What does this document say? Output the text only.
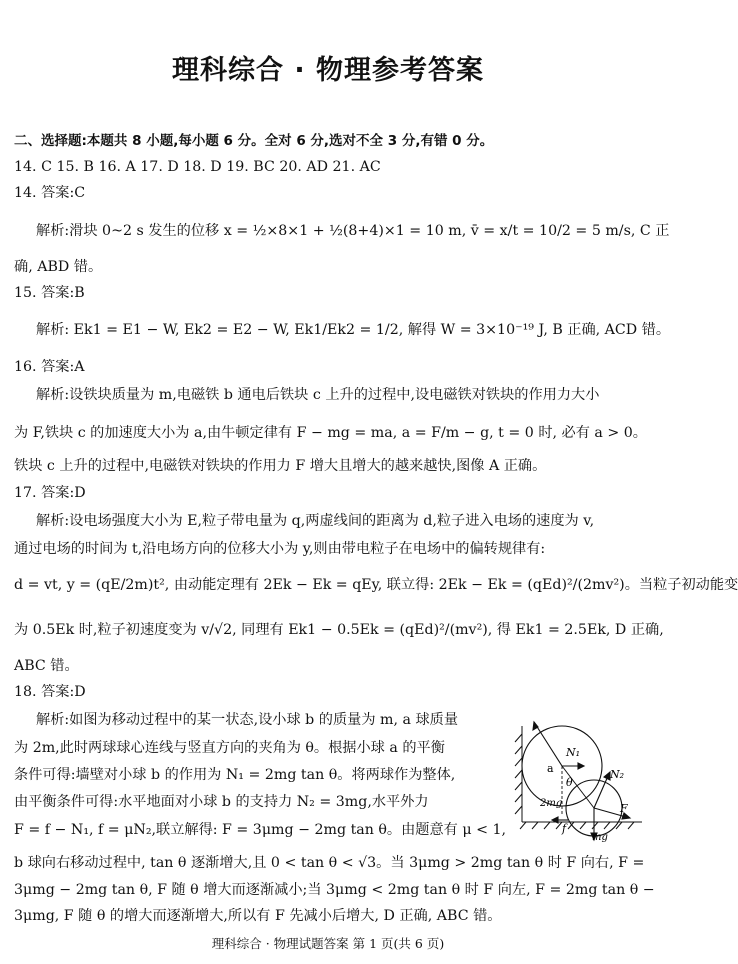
理科综合 · 物理参考答案
二、选择题:本题共 8 小题,每小题 6 分。全对 6 分,选对不全 3 分,有错 0 分。
14. C 15. B 16. A 17. D 18. D 19. BC 20. AD 21. AC
14. 答案:C
解析:滑块 0~2 s 发生的位移 x = ½×8×1 + ½(8+4)×1 = 10 m, v̄ = x/t = 10/2 = 5 m/s, C 正
确, ABD 错。
15. 答案:B
解析: Ek1 = E1 − W, Ek2 = E2 − W, Ek1/Ek2 = 1/2, 解得 W = 3×10⁻¹⁹ J, B 正确, ACD 错。
16. 答案:A
解析:设铁块质量为 m,电磁铁 b 通电后铁块 c 上升的过程中,设电磁铁对铁块的作用力大小
为 F,铁块 c 的加速度大小为 a,由牛顿定律有 F − mg = ma, a = F/m − g, t = 0 时, 必有 a > 0。
铁块 c 上升的过程中,电磁铁对铁块的作用力 F 增大且增大的越来越快,图像 A 正确。
17. 答案:D
解析:设电场强度大小为 E,粒子带电量为 q,两虚线间的距离为 d,粒子进入电场的速度为 v,
通过电场的时间为 t,沿电场方向的位移大小为 y,则由带电粒子在电场中的偏转规律有:
d = vt, y = (qE/2m)t², 由动能定理有 2Ek − Ek = qEy, 联立得: 2Ek − Ek = (qEd)²/(2mv²)。当粒子初动能变
为 0.5Ek 时,粒子初速度变为 v/√2, 同理有 Ek1 − 0.5Ek = (qEd)²/(mv²), 得 Ek1 = 2.5Ek, D 正确,
ABC 错。
18. 答案:D
解析:如图为移动过程中的某一状态,设小球 b 的质量为 m, a 球质量
为 2m,此时两球球心连线与竖直方向的夹角为 θ。根据小球 a 的平衡
条件可得:墙壁对小球 b 的作用为 N₁ = 2mg tan θ。将两球作为整体,
由平衡条件可得:水平地面对小球 b 的支持力 N₂ = 3mg,水平外力
F = f − N₁, f = μN₂,联立解得: F = 3μmg − 2mg tan θ。由题意有 μ < 1,
b 球向右移动过程中, tan θ 逐渐增大,且 0 < tan θ < √3。当 3μmg > 2mg tan θ 时 F 向右, F =
3μmg − 2mg tan θ, F 随 θ 增大而逐渐减小;当 3μmg < 2mg tan θ 时 F 向左, F = 2mg tan θ −
3μmg, F 随 θ 的增大而逐渐增大,所以有 F 先减小后增大, D 正确, ABC 错。
a
N₁
N₂
θ
2mg	F
f
mg
理科综合 · 物理试题答案 第 1 页(共 6 页)
